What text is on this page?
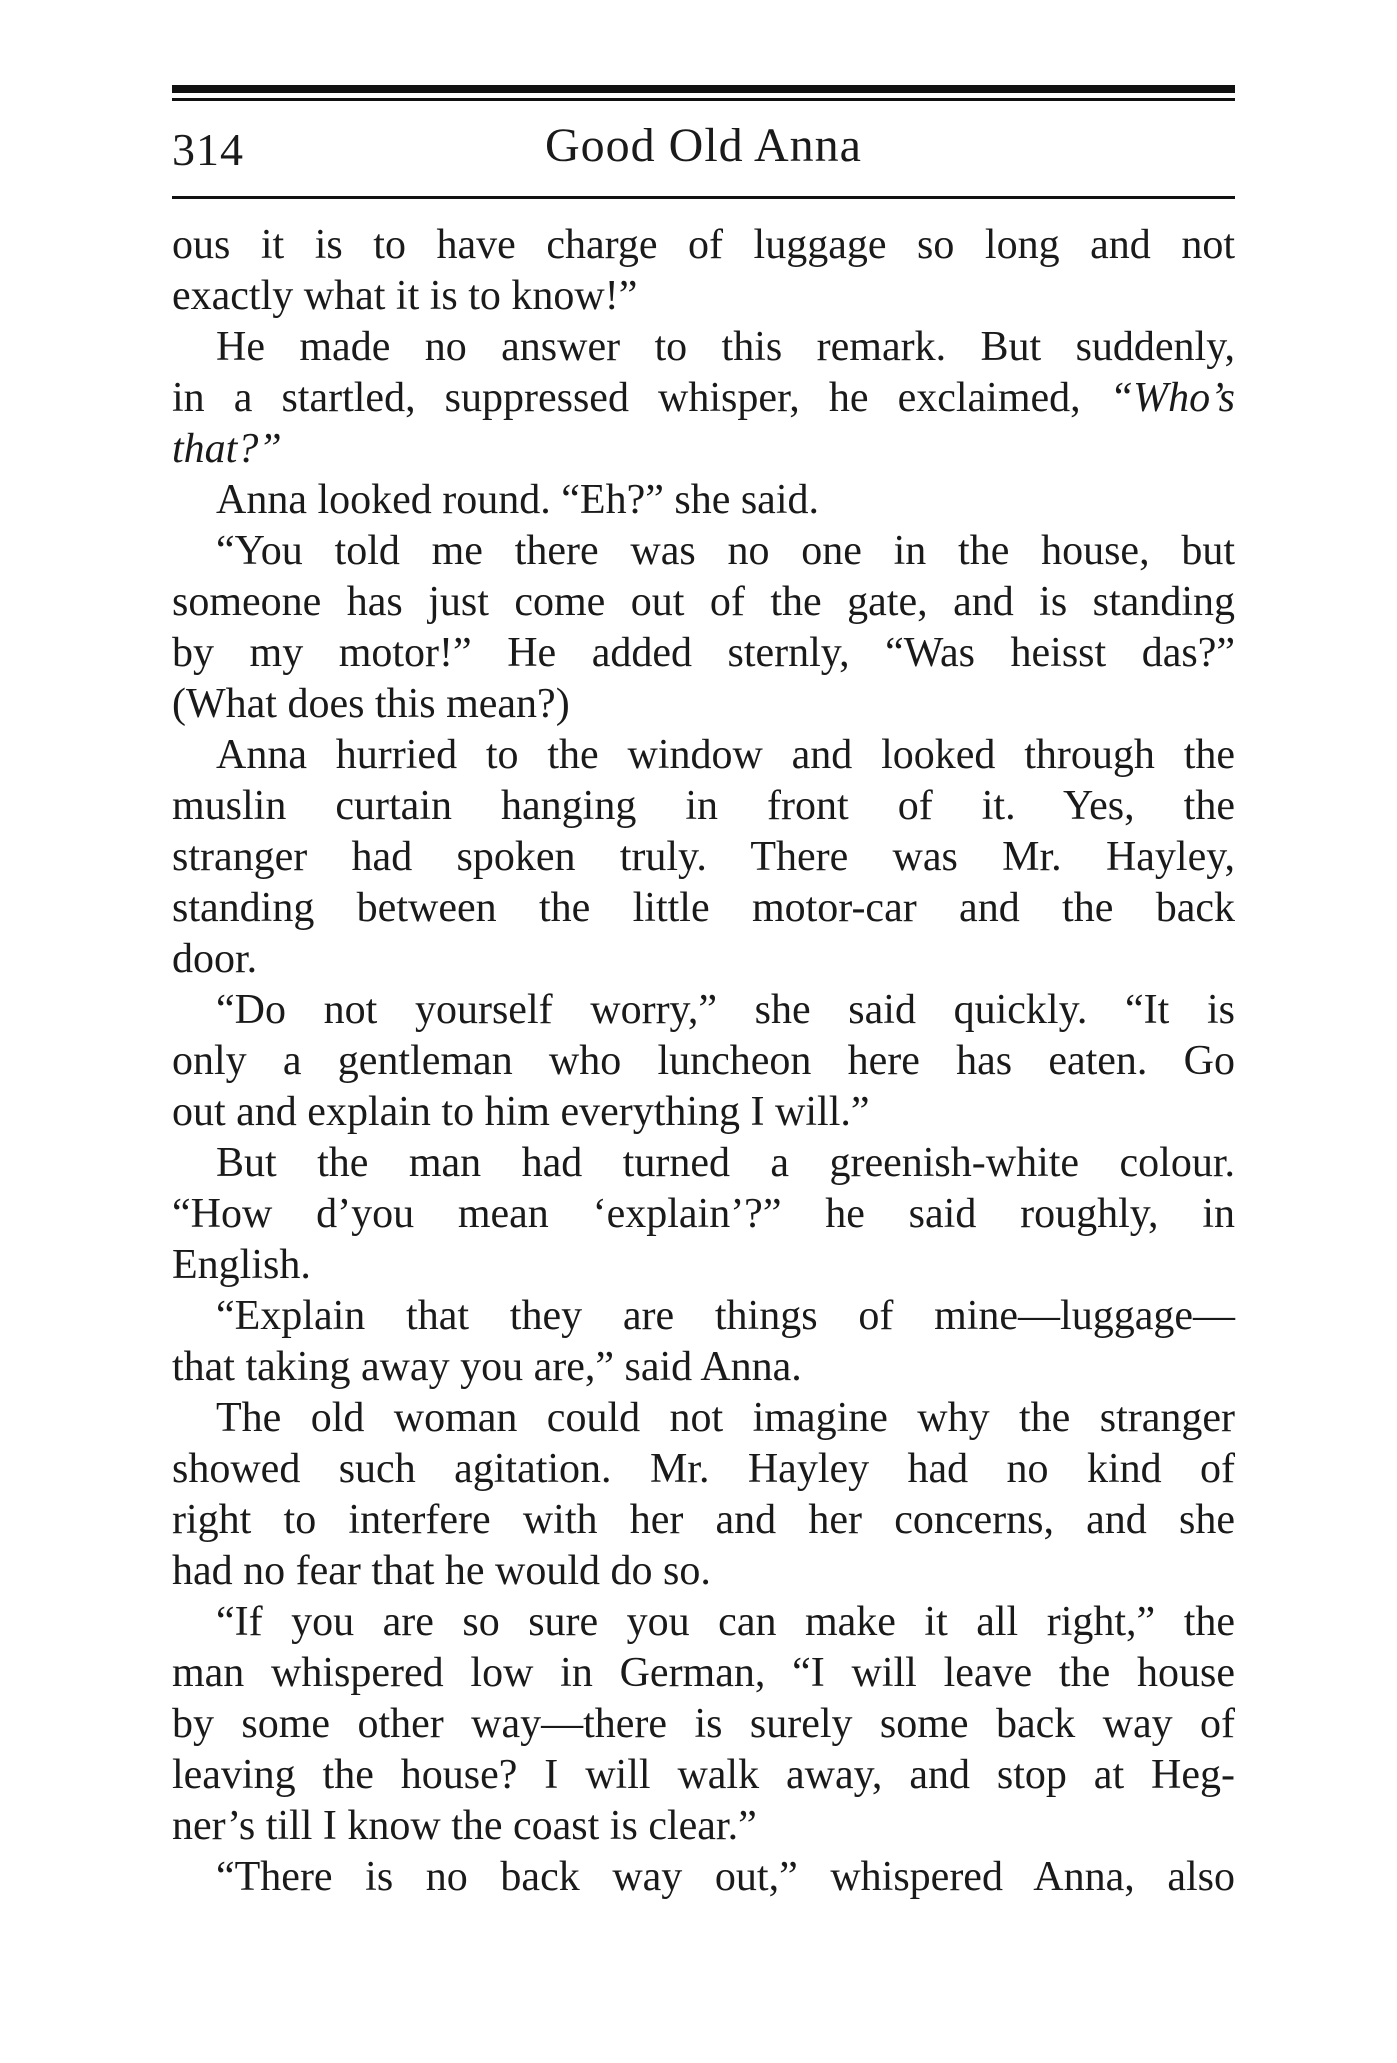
314	Good Old Anna
ous it is to have charge of luggage so long and not
exactly what it is to know!”
He made no answer to this remark. But suddenly,
in a startled, suppressed whisper, he exclaimed, “Who’s
that?”
Anna looked round. “Eh?” she said.
“You told me there was no one in the house, but
someone has just come out of the gate, and is standing
by my motor!” He added sternly, “Was heisst das?”
(What does this mean?)
Anna hurried to the window and looked through the
muslin curtain hanging in front of it. Yes, the
stranger had spoken truly. There was Mr. Hayley,
standing between the little motor-car and the back
door.
“Do not yourself worry,” she said quickly. “It is
only a gentleman who luncheon here has eaten. Go
out and explain to him everything I will.”
But the man had turned a greenish-white colour.
“How d’you mean ‘explain’?” he said roughly, in
English.
“Explain that they are things of mine—luggage—
that taking away you are,” said Anna.
The old woman could not imagine why the stranger
showed such agitation. Mr. Hayley had no kind of
right to interfere with her and her concerns, and she
had no fear that he would do so.
“If you are so sure you can make it all right,” the
man whispered low in German, “I will leave the house
by some other way—there is surely some back way of
leaving the house? I will walk away, and stop at Heg-
ner’s till I know the coast is clear.”
“There is no back way out,” whispered Anna, also
